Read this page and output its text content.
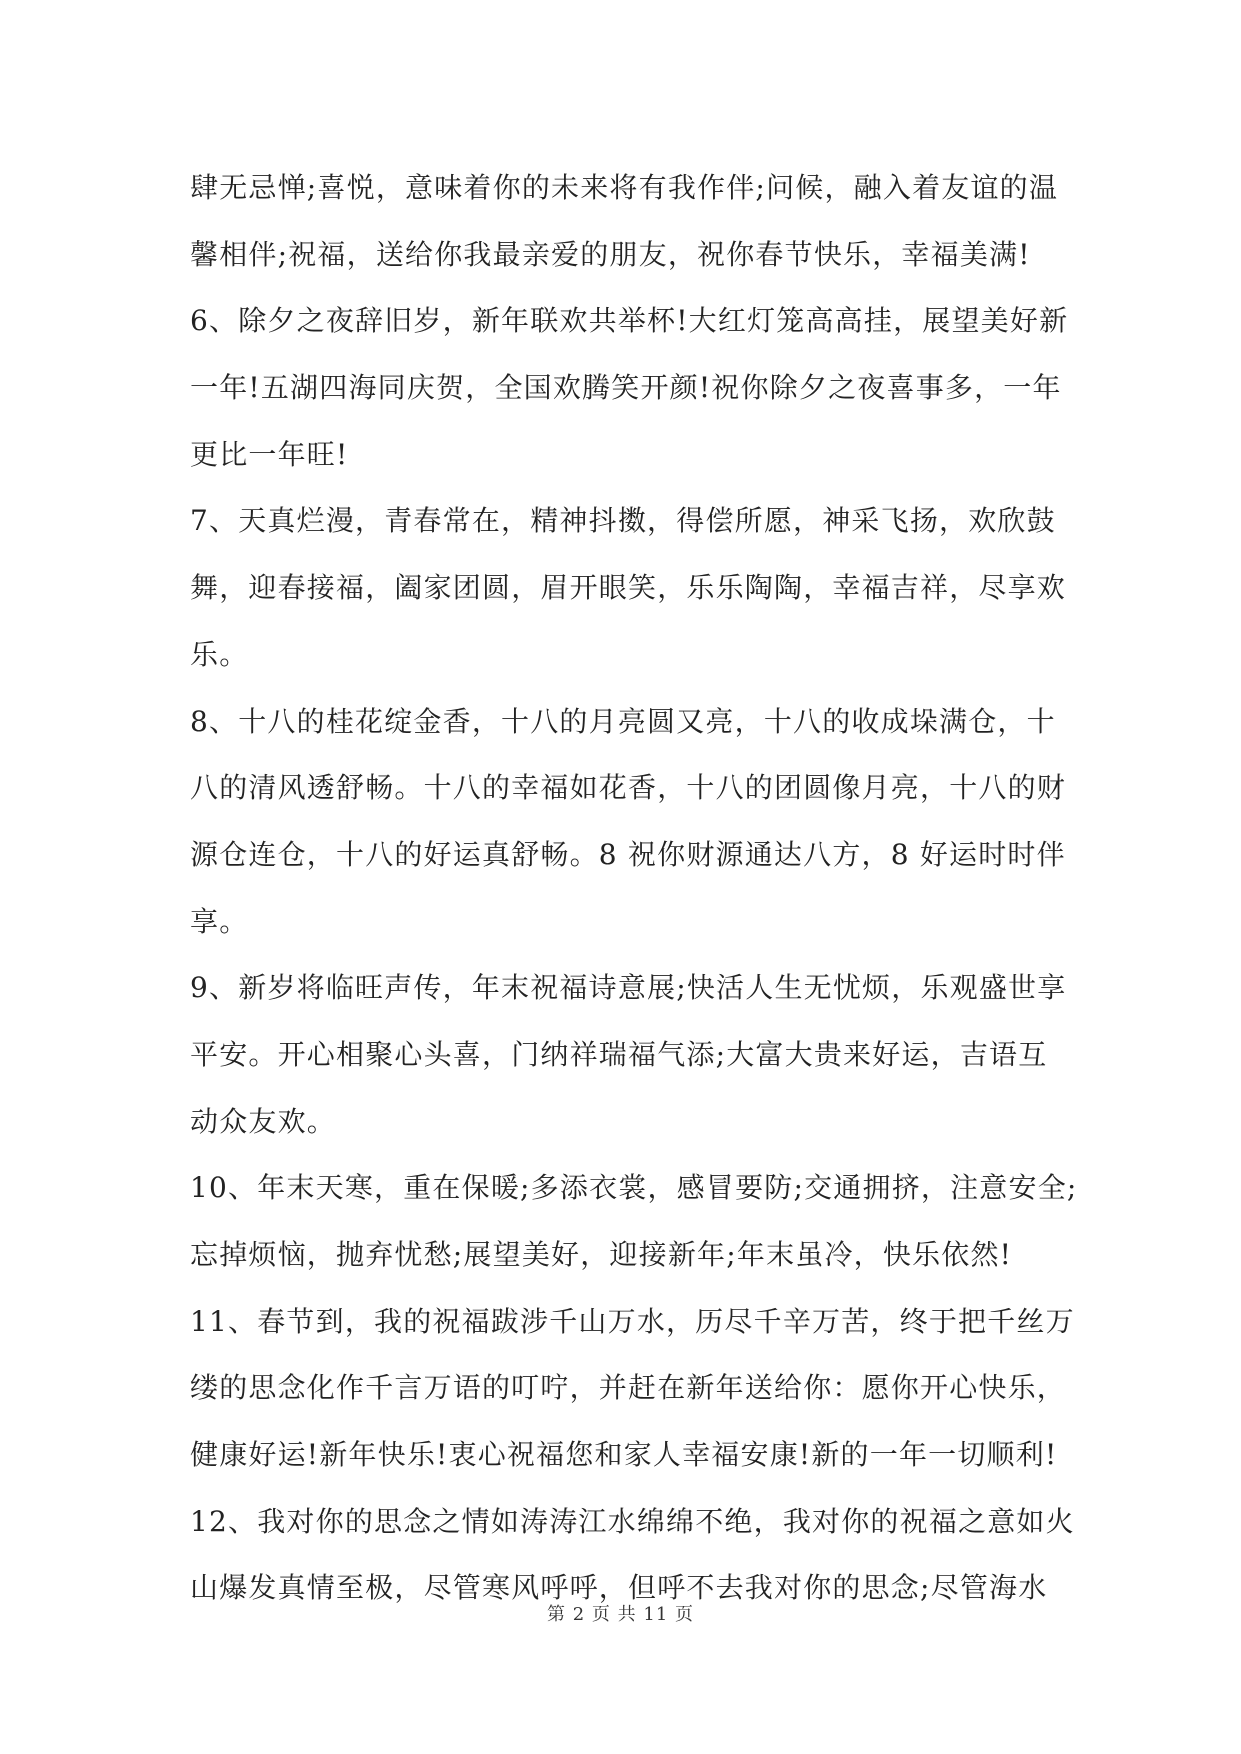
肆无忌惮;喜悦，意味着你的未来将有我作伴;问候，融入着友谊的温
馨相伴;祝福，送给你我最亲爱的朋友，祝你春节快乐，幸福美满!
6、除夕之夜辞旧岁，新年联欢共举杯!大红灯笼高高挂，展望美好新
一年!五湖四海同庆贺，全国欢腾笑开颜!祝你除夕之夜喜事多，一年
更比一年旺!
7、天真烂漫，青春常在，精神抖擞，得偿所愿，神采飞扬，欢欣鼓
舞，迎春接福，阖家团圆，眉开眼笑，乐乐陶陶，幸福吉祥，尽享欢
乐。
8、十八的桂花绽金香，十八的月亮圆又亮，十八的收成垛满仓，十
八的清风透舒畅。十八的幸福如花香，十八的团圆像月亮，十八的财
源仓连仓，十八的好运真舒畅。8 祝你财源通达八方，8 好运时时伴
享。
9、新岁将临旺声传，年末祝福诗意展;快活人生无忧烦，乐观盛世享
平安。开心相聚心头喜，门纳祥瑞福气添;大富大贵来好运，吉语互
动众友欢。
10、年末天寒，重在保暖;多添衣裳，感冒要防;交通拥挤，注意安全;
忘掉烦恼，抛弃忧愁;展望美好，迎接新年;年末虽冷，快乐依然!
11、春节到，我的祝福跋涉千山万水，历尽千辛万苦，终于把千丝万
缕的思念化作千言万语的叮咛，并赶在新年送给你：愿你开心快乐，
健康好运!新年快乐!衷心祝福您和家人幸福安康!新的一年一切顺利!
12、我对你的思念之情如涛涛江水绵绵不绝，我对你的祝福之意如火
山爆发真情至极，尽管寒风呼呼，但呼不去我对你的思念;尽管海水
第 2 页 共 11 页
